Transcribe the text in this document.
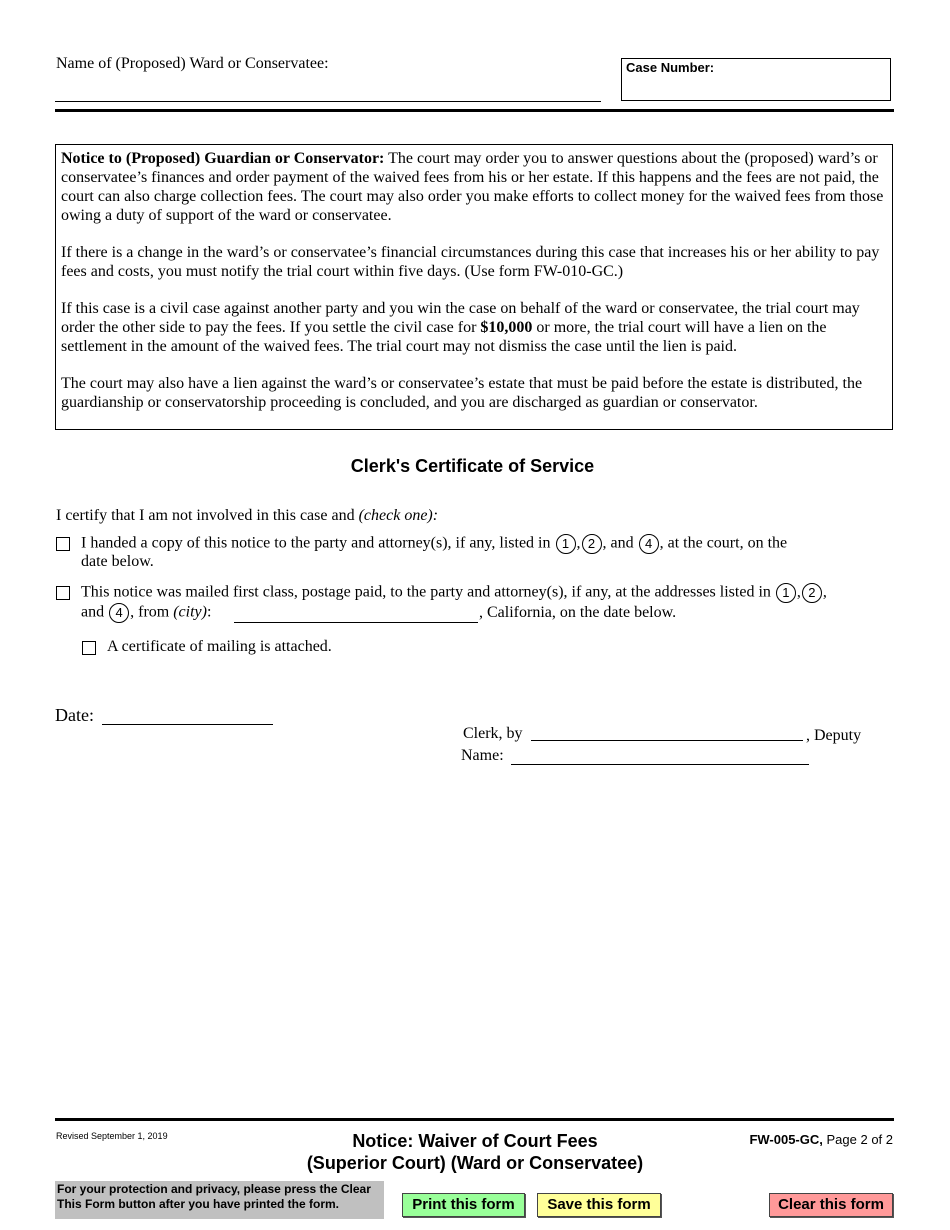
Name of (Proposed) Ward or Conservatee:	Case Number:

Notice to (Proposed) Guardian or Conservator: The court may order you to answer questions about the (proposed) ward’s or conservatee’s finances and order payment of the waived fees from his or her estate. If this happens and the fees are not paid, the court can also charge collection fees. The court may also order you make efforts to collect money for the waived fees from those owing a duty of support of the ward or conservatee.

If there is a change in the ward’s or conservatee’s financial circumstances during this case that increases his or her ability to pay fees and costs, you must notify the trial court within five days. (Use form FW-010-GC.)

If this case is a civil case against another party and you win the case on behalf of the ward or conservatee, the trial court may order the other side to pay the fees. If you settle the civil case for $10,000 or more, the trial court will have a lien on the settlement in the amount of the waived fees. The trial court may not dismiss the case until the lien is paid.

The court may also have a lien against the ward’s or conservatee’s estate that must be paid before the estate is distributed, the guardianship or conservatorship proceeding is concluded, and you are discharged as guardian or conservator.

Clerk's Certificate of Service
I certify that I am not involved in this case and (check one):
I handed a copy of this notice to the party and attorney(s), if any, listed in 1 , 2 , and 4 , at the court, on the
date below.
This notice was mailed first class, postage paid, to the party and attorney(s), if any, at the addresses listed in 1 , 2 ,
and 4 , from (city):	, California, on the date below.
A certificate of mailing is attached.
Date:
Clerk, by	, Deputy
Name:
Revised September 1, 2019	Notice: Waiver of Court Fees
(Superior Court) (Ward or Conservatee)
FW-005-GC, Page 2 of 2
For your protection and privacy, please press the Clear This Form button after you have printed the form.	Print this form	Save this form	Clear this form
